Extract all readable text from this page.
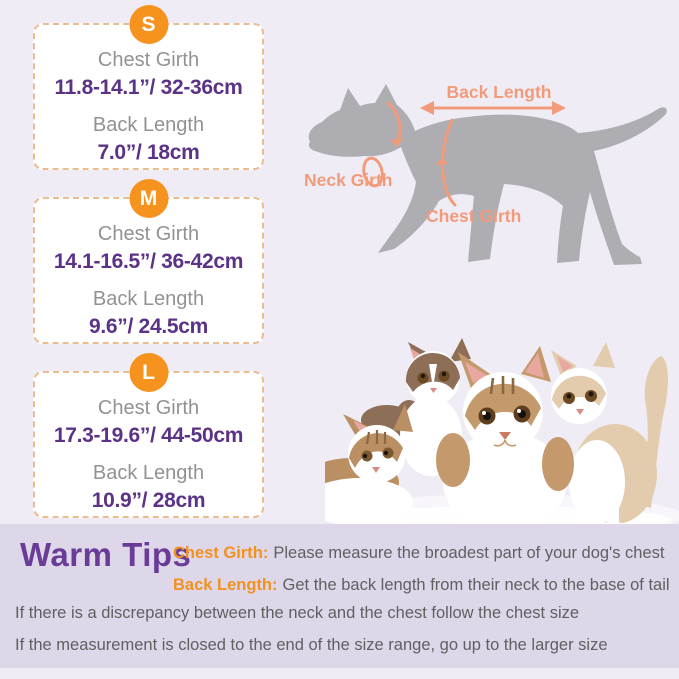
S
Chest Girth
11.8-14.1”/ 32-36cm
Back Length
7.0”/ 18cm
M
Chest Girth
14.1-16.5”/ 36-42cm
Back Length
9.6”/ 24.5cm
L
Chest Girth
17.3-19.6”/ 44-50cm
Back Length
10.9”/ 28cm
Back Length
Neck Girth
Chest Girth
Warm Tips
Chest Girth: Please measure the broadest part of your dog's chest
Back Length: Get the back length from their neck to the base of tail
If there is a discrepancy between the neck and the chest follow the chest size
If the measurement is closed to the end of the size range, go up to the larger size
